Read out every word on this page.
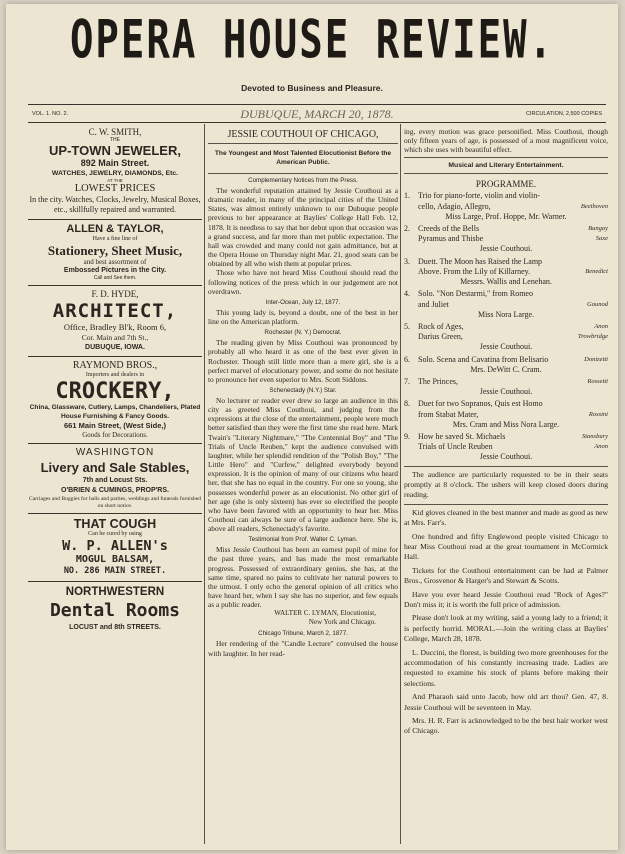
OPERA HOUSE REVIEW.
Devoted to Business and Pleasure.
VOL. 1. NO. 2.	DUBUQUE, MARCH 20, 1878.	CIRCULATION, 2,500 COPIES
C. W. SMITH,
THE
UP-TOWN JEWELER,
892 Main Street.
WATCHES, JEWELRY, DIAMONDS, Etc.
AT THE
LOWEST PRICES
In the city. Watches, Clocks, Jewelry, Musical Boxes, etc., skillfully repaired and warranted.
ALLEN & TAYLOR,
Have a fine line of
Stationery, Sheet Music,
and best assortment of
Embossed Pictures in the City.
Call and See them.
F. D. HYDE,
ARCHITECT,
Office, Bradley Bl'k, Room 6,
Cor. Main and 7th St.,
DUBUQUE, IOWA.
RAYMOND BROS.,
Importers and dealers in
CROCKERY,
China, Glassware, Cutlery, Lamps, Chandeliers, Plated House Furnishing & Fancy Goods.
661 Main Street, (West Side,)
Goods for Decorations.
WASHINGTON
Livery and Sale Stables,
7th and Locust Sts.
O'BRIEN & CUMINGS, PROP'RS.
Carriages and Buggies for balls and parties, weddings and funerals furnished on short notice.
THAT COUGH
Can be cured by using
W. P. ALLEN's
MOGUL BALSAM,
NO. 286 MAIN STREET.
NORTHWESTERN
Dental Rooms
LOCUST and 8th STREETS.
JESSIE COUTHOUI OF CHICAGO,
The Youngest and Most Talented Elocutionist Before the American Public.
Complementary Notices from the Press.

The wonderful reputation attained by Jessie Couthoui as a dramatic reader, in many of the principal cities of the United States, was almost entirely unknown to our Dubuque people previous to her appearance at Baylies' College Hall Feb. 12, 1878. It is needless to say that her debut upon that occasion was a grand success, and far more than met public expectation. The hall was crowded and many could not gain admittance, but at the Opera House on Thursday night Mar. 21, good seats can be obtained by all who wish them at popular prices.

Those who have not heard Miss Couthoui should read the following notices of the press which in our judgement are not overdrawn.

Inter-Ocean, July 12, 1877.

This young lady is, beyond a doubt, one of the best in her line on the American platform.

Rochester (N. Y.) Democrat.

The reading given by Miss Couthoui was pronounced by probably all who heard it as one of the best ever given in Rochester. Though still little more than a mere girl, she is a perfect marvel of elocutionary power, and some do not hesitate to pronounce her even superior to Mrs. Scott Siddons.

Schenectady (N.Y.) Star.

No lecturer or reader ever drew so large an audience in this city as greeted Miss Couthoui, and judging from the expressions at the close of the entertainment, people were much better satisfied than they were the first time she read here. Mark Twain's "Literary Nightmare," "The Centennial Boy" and "The Trials of Uncle Reuben," kept the audience convulsed with laughter, while her splendid rendition of the "Polish Boy," "The Little Hero" and "Curfew," delighted everybody beyond expression. It is the opinion of many of our citizens who heard her, that she has no equal in the country. For one so young, she possesses wonderful power as an elocutionist. No other girl of her age (she is only sixteen) has ever so electrified the people who have been favored with an opportunity to hear her. Miss Couthoui can always be sure of a large audience here. She is, above all readers, Schenectady's favorite.

Testimonial from Prof. Walter C. Lyman.

Miss Jessie Couthoui has been an earnest pupil of mine for the past three years, and has made the most remarkable progress. Possessed of extraordinary genius, she has, at the same time, spared no pains to cultivate her natural powers to the utmost. I only echo the general opinion of all critics who have heard her, when I say she has no superior, and few equals as a public reader.

WALTER C. LYMAN, Elocutionist,
New York and Chicago.
Chicago Tribune, March 2, 1877.

Her rendering of the "Candle Lecture" convulsed the house with laughter. In her read-

ing, every motion was grace personified. Miss Couthoui, though only fifteen years of age, is possessed of a most magnificent voice, which she uses with beautiful effect.

Musical and Literary Entertainment.
PROGRAMME.
1. Trio for piano-forte, violin and violin-
Beethoven
cello, Adagio, Allegro,
Miss Large, Prof. Hoppe, Mr. Warner.
Bungay
2. Creeds of the Bells
Saxe
Pyramus and Thisbe
Jessie Couthoui.
3. Duett. The Moon has Raised the Lamp
Benedict
Above. From the Lily of Killarney.
Messrs. Wallis and Lenehan.
4. Solo. "Non Destarmi," from Romeo
Gounod
and Juliet
Miss Nora Large.
Anon
5. Rock of Ages,
Trowbridge
Darius Green,
Jessie Couthoui.
Donizetti
6. Solo. Scena and Cavatina from Belisario
Mrs. DeWitt C. Cram.
Rossetti
7. The Princes,
Jessie Couthoui.
8. Duet for two Sopranos, Quis est Homo
Rossini
from Stabat Mater,
Mrs. Cram and Miss Nora Large.
Stansbury
9. How he saved St. Michaels
Anon
Trials of Uncle Reuben
Jessie Couthoui.

The audience are particularly requested to be in their seats promptly at 8 o'clock. The ushers will keep closed doors during reading.

Kid gloves cleaned in the best manner and made as good as new at Mrs. Farr's.

One hundred and fifty Englewood people visited Chicago to hear Miss Couthoui read at the great tournament in McCormick Hall.

Tickets for the Couthoui entertainment can be had at Palmer Bros., Grosvenor & Harger's and Stewart & Scotts.

Have you ever heard Jessie Couthoui read "Rock of Ages?" Don't miss it; it is worth the full price of admission.

Please don't look at my writing, said a young lady to a friend; it is perfectly horrid. MORAL.—Join the writing class at Baylies' College, March 28, 1878.

L. Duccini, the florest, is building two more greenhouses for the accommodation of his constantly increasing trade. Ladies are requested to examine his stock of plants before making their selections.

And Pharaoh said unto Jacob, how old art thou? Gen. 47, 8. Jessie Couthoui will be seventeen in May.

Mrs. H. R. Farr is acknowledged to be the best hair worker west of Chicago.
